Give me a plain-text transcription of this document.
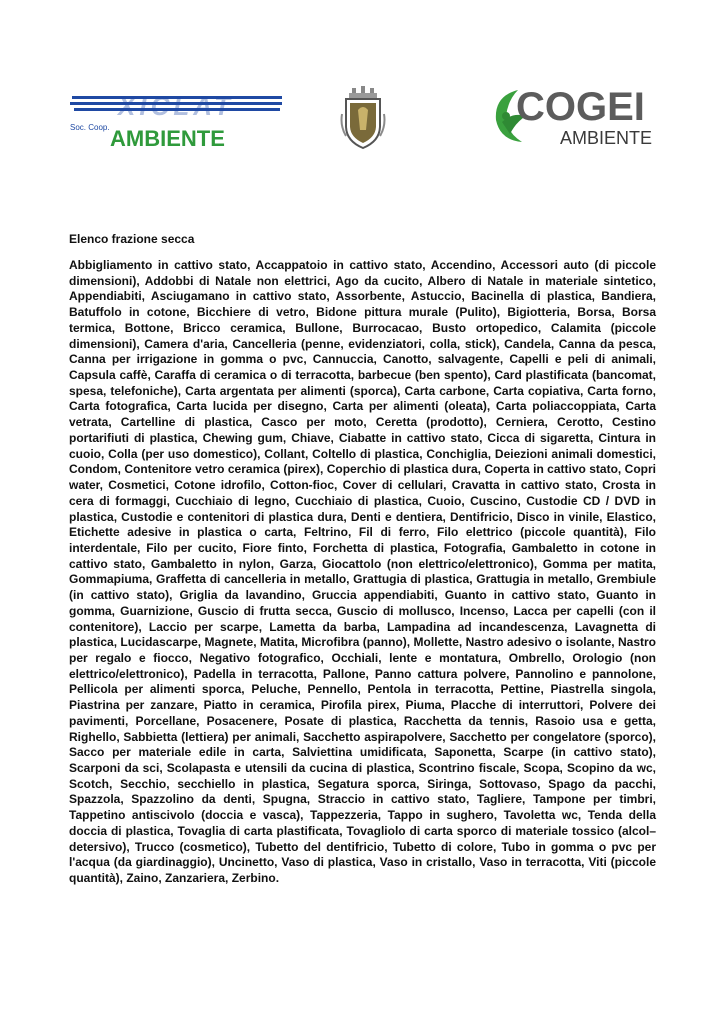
XICLAT
Soc. Coop. AMBIENTE
COGEI
AMBIENTE
Elenco frazione secca

Abbigliamento in cattivo stato, Accappatoio in cattivo stato, Accendino, Accessori auto (di piccole dimensioni), Addobbi di Natale non elettrici, Ago da cucito, Albero di Natale in materiale sintetico, Appendiabiti, Asciugamano in cattivo stato, Assorbente, Astuccio, Bacinella di plastica, Bandiera, Batuffolo in cotone, Bicchiere di vetro, Bidone pittura murale (Pulito), Bigiotteria, Borsa, Borsa termica, Bottone, Bricco ceramica, Bullone, Burrocacao, Busto ortopedico, Calamita (piccole dimensioni), Camera d'aria, Cancelleria (penne, evidenziatori, colla, stick), Candela, Canna da pesca, Canna per irrigazione in gomma o pvc, Cannuccia, Canotto, salvagente, Capelli e peli di animali, Capsula caffè, Caraffa di ceramica o di terracotta, barbecue (ben spento), Card plastificata (bancomat, spesa, telefoniche), Carta argentata per alimenti (sporca), Carta carbone, Carta copiativa, Carta forno, Carta fotografica, Carta lucida per disegno, Carta per alimenti (oleata), Carta poliaccoppiata, Carta vetrata, Cartelline di plastica, Casco per moto, Ceretta (prodotto), Cerniera, Cerotto, Cestino portarifiuti di plastica, Chewing gum, Chiave, Ciabatte in cattivo stato, Cicca di sigaretta, Cintura in cuoio, Colla (per uso domestico), Collant, Coltello di plastica, Conchiglia, Deiezioni animali domestici, Condom, Contenitore vetro ceramica (pirex), Coperchio di plastica dura, Coperta in cattivo stato, Copri water, Cosmetici, Cotone idrofilo, Cotton-fioc, Cover di cellulari, Cravatta in cattivo stato, Crosta in cera di formaggi, Cucchiaio di legno, Cucchiaio di plastica, Cuoio, Cuscino, Custodie CD / DVD in plastica, Custodie e contenitori di plastica dura, Denti e dentiera, Dentifricio, Disco in vinile, Elastico, Etichette adesive in plastica o carta, Feltrino, Fil di ferro, Filo elettrico (piccole quantità), Filo interdentale, Filo per cucito, Fiore finto, Forchetta di plastica, Fotografia, Gambaletto in cotone in cattivo stato, Gambaletto in nylon, Garza, Giocattolo (non elettrico/elettronico), Gomma per matita, Gommapiuma, Graffetta di cancelleria in metallo, Grattugia di plastica, Grattugia in metallo, Grembiule (in cattivo stato), Griglia da lavandino, Gruccia appendiabiti, Guanto in cattivo stato, Guanto in gomma, Guarnizione, Guscio di frutta secca, Guscio di mollusco, Incenso, Lacca per capelli (con il contenitore), Laccio per scarpe, Lametta da barba, Lampadina ad incandescenza, Lavagnetta di plastica, Lucidascarpe, Magnete, Matita, Microfibra (panno), Mollette, Nastro adesivo o isolante, Nastro per regalo e fiocco, Negativo fotografico, Occhiali, lente e montatura, Ombrello, Orologio (non elettrico/elettronico), Padella in terracotta, Pallone, Panno cattura polvere, Pannolino e pannolone, Pellicola per alimenti sporca, Peluche, Pennello, Pentola in terracotta, Pettine, Piastrella singola, Piastrina per zanzare, Piatto in ceramica, Pirofila pirex, Piuma, Placche di interruttori, Polvere dei pavimenti, Porcellane, Posacenere, Posate di plastica, Racchetta da tennis, Rasoio usa e getta, Righello, Sabbietta (lettiera) per animali, Sacchetto aspirapolvere, Sacchetto per congelatore (sporco), Sacco per materiale edile in carta, Salviettina umidificata, Saponetta, Scarpe (in cattivo stato), Scarponi da sci, Scolapasta e utensili da cucina di plastica, Scontrino fiscale, Scopa, Scopino da wc, Scotch, Secchio, secchiello in plastica, Segatura sporca, Siringa, Sottovaso, Spago da pacchi, Spazzola, Spazzolino da denti, Spugna, Straccio in cattivo stato, Tagliere, Tampone per timbri, Tappetino antiscivolo (doccia e vasca), Tappezzeria, Tappo in sughero, Tavoletta wc, Tenda della doccia di plastica, Tovaglia di carta plastificata, Tovagliolo di carta sporco di materiale tossico (alcol–detersivo), Trucco (cosmetico), Tubetto del dentifricio, Tubetto di colore, Tubo in gomma o pvc per l'acqua (da giardinaggio), Uncinetto, Vaso di plastica, Vaso in cristallo, Vaso in terracotta, Viti (piccole quantità), Zaino, Zanzariera, Zerbino.
